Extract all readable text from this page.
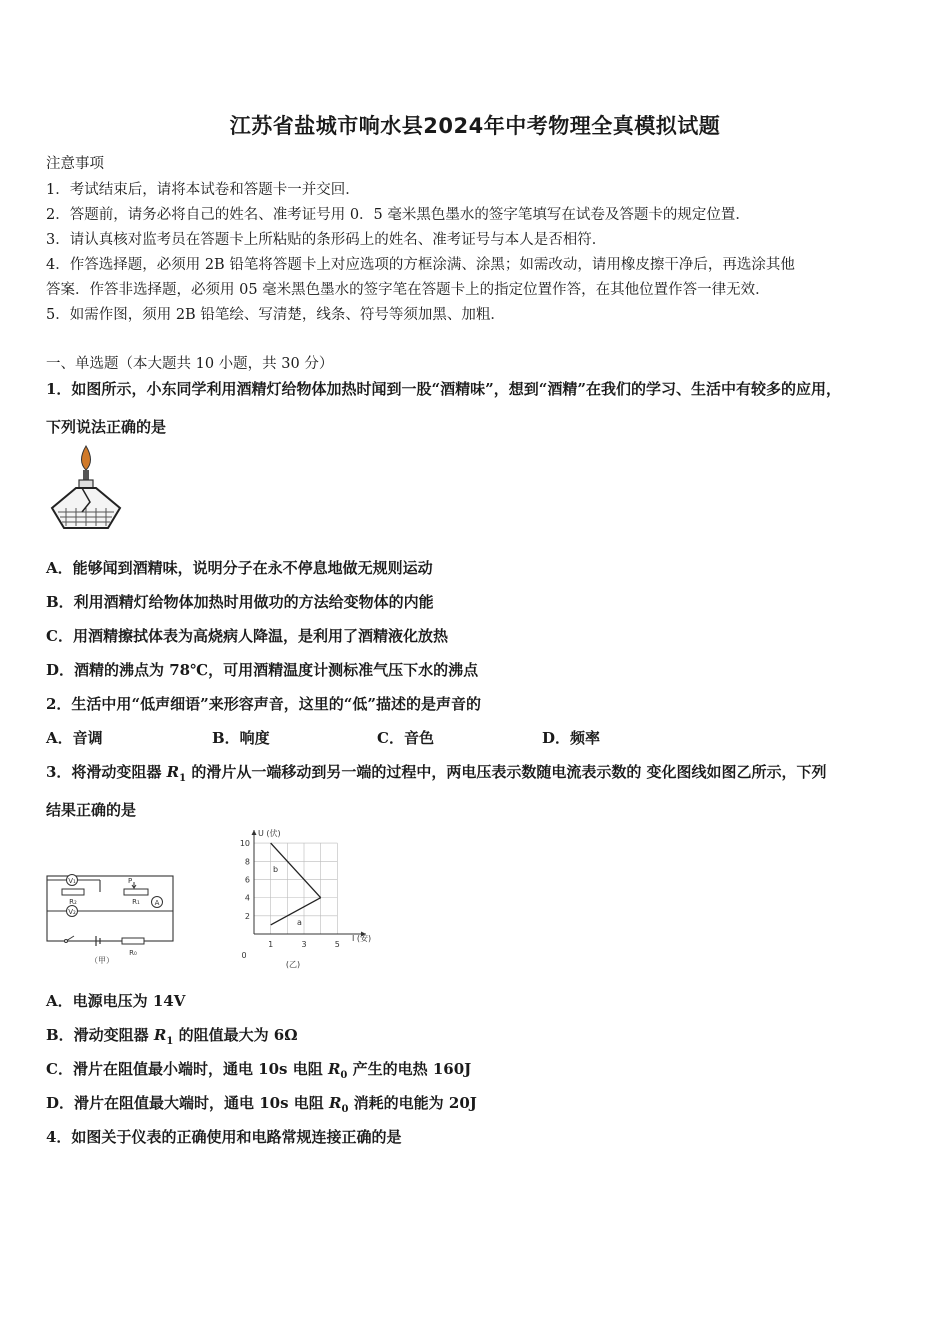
江苏省盐城市响水县2024年中考物理全真模拟试题
注意事项
1．考试结束后，请将本试卷和答题卡一并交回．
2．答题前，请务必将自己的姓名、准考证号用 0．5 毫米黑色墨水的签字笔填写在试卷及答题卡的规定位置．
3．请认真核对监考员在答题卡上所粘贴的条形码上的姓名、准考证号与本人是否相符．
4．作答选择题，必须用 2B 铅笔将答题卡上对应选项的方框涂满、涂黑；如需改动，请用橡皮擦干净后，再选涂其他
答案．作答非选择题，必须用 05 毫米黑色墨水的签字笔在答题卡上的指定位置作答，在其他位置作答一律无效．
5．如需作图，须用 2B 铅笔绘、写清楚，线条、符号等须加黑、加粗．
一、单选题（本大题共 10 小题，共 30 分）
1．如图所示，小东同学利用酒精灯给物体加热时闻到一股“酒精味”，想到“酒精”在我们的学习、生活中有较多的应用，
下列说法正确的是
A．能够闻到酒精味，说明分子在永不停息地做无规则运动
B．利用酒精灯给物体加热时用做功的方法给变物体的内能
C．用酒精擦拭体表为高烧病人降温，是利用了酒精液化放热
D．酒精的沸点为 78℃，可用酒精温度计测标准气压下水的沸点
2．生活中用“低声细语”来形容声音，这里的“低”描述的是声音的
A．音调	B．响度	C．音色	D．频率
3．将滑动变阻器 $R_1$ 的滑片从一端移动到另一端的过程中，两电压表示数随电流表示数的 变化图线如图乙所示，下列
结果正确的是
V₁
R₂
P
R₁ A
V₂
R₀
（甲）
U (伏)
I (安)
0
10
8
6
4
2
1	3	5
b
a
(乙)
A．电源电压为 14V
B．滑动变阻器 $R_1$ 的阻值最大为 6Ω
C．滑片在阻值最小端时，通电 10s 电阻 $R_0$ 产生的电热 160J
D．滑片在阻值最大端时，通电 10s 电阻 $R_0$ 消耗的电能为 20J
4．如图关于仪表的正确使用和电路常规连接正确的是
